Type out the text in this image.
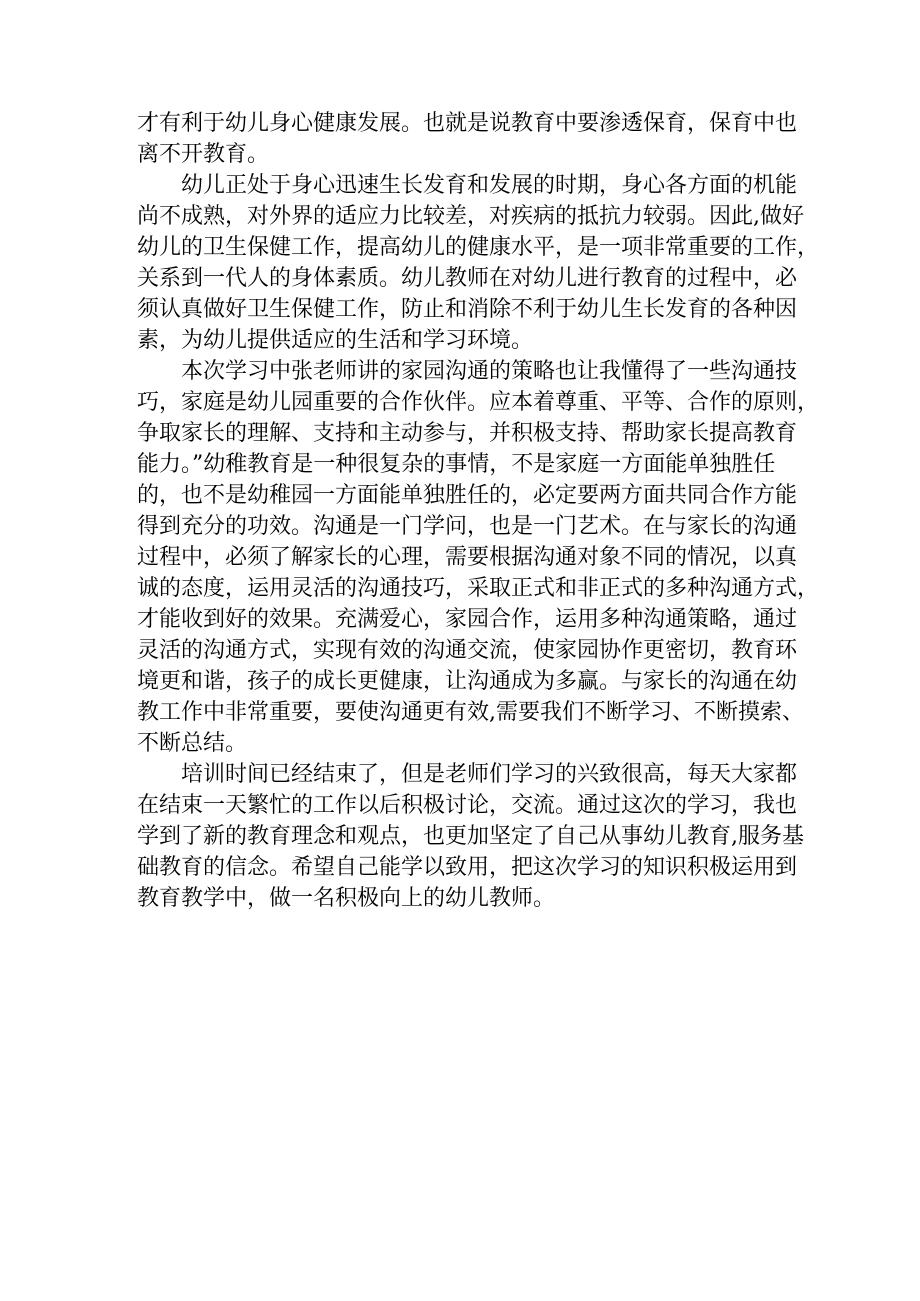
才有利于幼儿身心健康发展。也就是说教育中要渗透保育，保育中也
离不开教育。
幼儿正处于身心迅速生长发育和发展的时期，身心各方面的机能
尚不成熟，对外界的适应力比较差，对疾病的抵抗力较弱。因此,做好
幼儿的卫生保健工作，提高幼儿的健康水平，是一项非常重要的工作，
关系到一代人的身体素质。幼儿教师在对幼儿进行教育的过程中，必
须认真做好卫生保健工作，防止和消除不利于幼儿生长发育的各种因
素，为幼儿提供适应的生活和学习环境。
本次学习中张老师讲的家园沟通的策略也让我懂得了一些沟通技
巧，家庭是幼儿园重要的合作伙伴。应本着尊重、平等、合作的原则，
争取家长的理解、支持和主动参与，并积极支持、帮助家长提高教育
能力。”幼稚教育是一种很复杂的事情，不是家庭一方面能单独胜任
的，也不是幼稚园一方面能单独胜任的，必定要两方面共同合作方能
得到充分的功效。沟通是一门学问，也是一门艺术。在与家长的沟通
过程中，必须了解家长的心理，需要根据沟通对象不同的情况，以真
诚的态度，运用灵活的沟通技巧，采取正式和非正式的多种沟通方式，
才能收到好的效果。充满爱心，家园合作，运用多种沟通策略，通过
灵活的沟通方式，实现有效的沟通交流，使家园协作更密切，教育环
境更和谐，孩子的成长更健康，让沟通成为多赢。与家长的沟通在幼
教工作中非常重要，要使沟通更有效,需要我们不断学习、不断摸索、
不断总结。
培训时间已经结束了，但是老师们学习的兴致很高，每天大家都
在结束一天繁忙的工作以后积极讨论，交流。通过这次的学习，我也
学到了新的教育理念和观点，也更加坚定了自己从事幼儿教育,服务基
础教育的信念。希望自己能学以致用，把这次学习的知识积极运用到
教育教学中，做一名积极向上的幼儿教师。
